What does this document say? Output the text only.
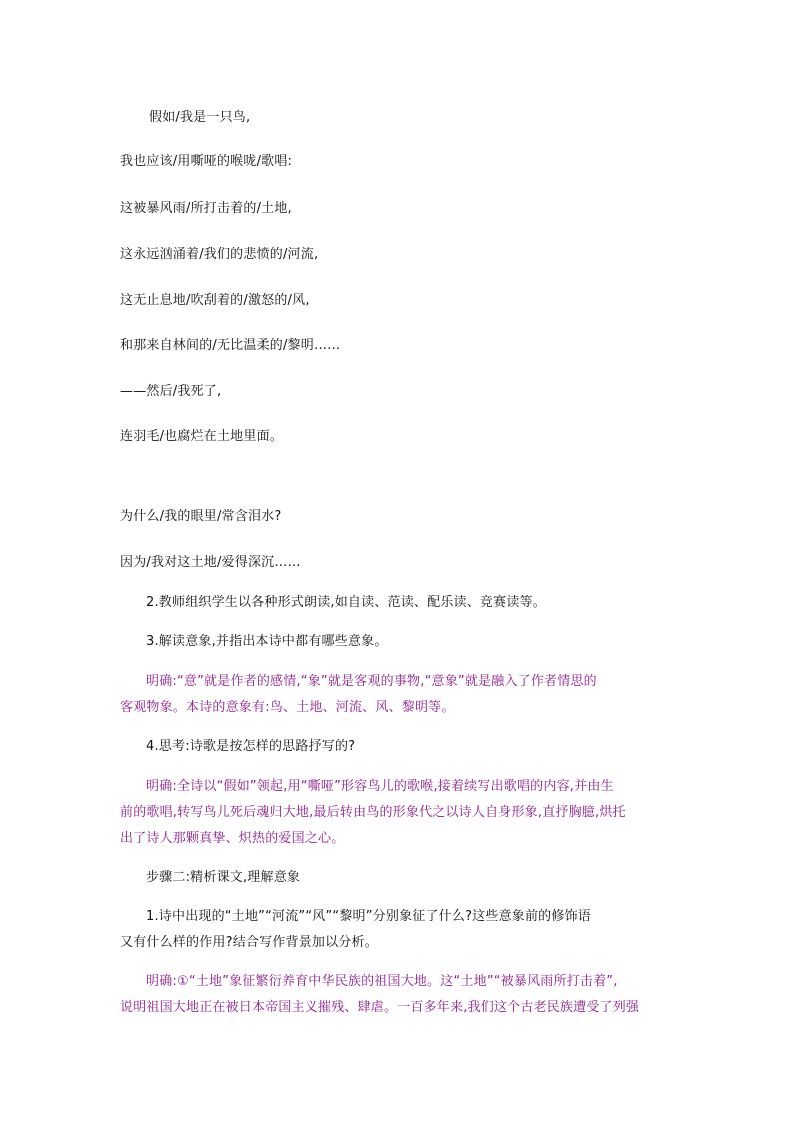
假如/我是一只鸟,
我也应该/用嘶哑的喉咙/歌唱:
这被暴风雨/所打击着的/土地,
这永远汹涌着/我们的悲愤的/河流,
这无止息地/吹刮着的/激怒的/风,
和那来自林间的/无比温柔的/黎明……
——然后/我死了,
连羽毛/也腐烂在土地里面。
为什么/我的眼里/常含泪水?
因为/我对这土地/爱得深沉……
2.教师组织学生以各种形式朗读,如自读、范读、配乐读、竞赛读等。
3.解读意象,并指出本诗中都有哪些意象。
明确:“意”就是作者的感情,“象”就是客观的事物,“意象”就是融入了作者情思的
客观物象。本诗的意象有:鸟、土地、河流、风、黎明等。
4.思考:诗歌是按怎样的思路抒写的?
明确:全诗以“假如”领起,用“嘶哑”形容鸟儿的歌喉,接着续写出歌唱的内容,并由生
前的歌唱,转写鸟儿死后魂归大地,最后转由鸟的形象代之以诗人自身形象,直抒胸臆,烘托
出了诗人那颗真挚、炽热的爱国之心。
步骤二:精析课文,理解意象
1.诗中出现的“土地”“河流”“风”“黎明”分别象征了什么?这些意象前的修饰语
又有什么样的作用?结合写作背景加以分析。
明确:①“土地”象征繁衍养育中华民族的祖国大地。这“土地”“被暴风雨所打击着”,
说明祖国大地正在被日本帝国主义摧残、肆虐。一百多年来,我们这个古老民族遭受了列强
